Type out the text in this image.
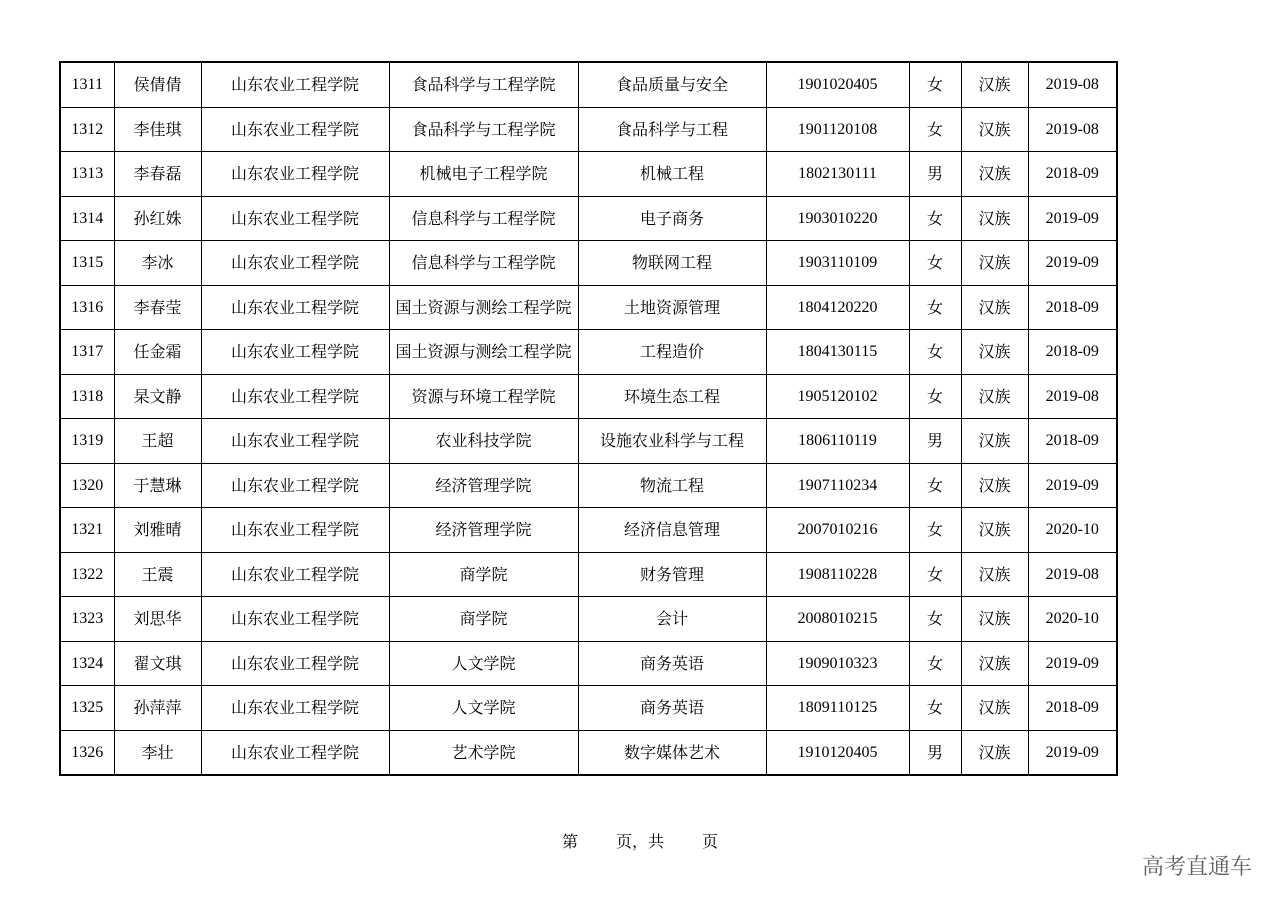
1311	侯倩倩	山东农业工程学院	食品科学与工程学院	食品质量与安全	1901020405	女	汉族	2019-08
1312	李佳琪	山东农业工程学院	食品科学与工程学院	食品科学与工程	1901120108	女	汉族	2019-08
1313	李春磊	山东农业工程学院	机械电子工程学院	机械工程	1802130111	男	汉族	2018-09
1314	孙红姝	山东农业工程学院	信息科学与工程学院	电子商务	1903010220	女	汉族	2019-09
1315	李冰	山东农业工程学院	信息科学与工程学院	物联网工程	1903110109	女	汉族	2019-09
1316	李春莹	山东农业工程学院	国土资源与测绘工程学院	土地资源管理	1804120220	女	汉族	2018-09
1317	任金霜	山东农业工程学院	国土资源与测绘工程学院	工程造价	1804130115	女	汉族	2018-09
1318	杲文静	山东农业工程学院	资源与环境工程学院	环境生态工程	1905120102	女	汉族	2019-08
1319	王超	山东农业工程学院	农业科技学院	设施农业科学与工程	1806110119	男	汉族	2018-09
1320	于慧琳	山东农业工程学院	经济管理学院	物流工程	1907110234	女	汉族	2019-09
1321	刘雅晴	山东农业工程学院	经济管理学院	经济信息管理	2007010216	女	汉族	2020-10
1322	王震	山东农业工程学院	商学院	财务管理	1908110228	女	汉族	2019-08
1323	刘思华	山东农业工程学院	商学院	会计	2008010215	女	汉族	2020-10
1324	翟文琪	山东农业工程学院	人文学院	商务英语	1909010323	女	汉族	2019-09
1325	孙萍萍	山东农业工程学院	人文学院	商务英语	1809110125	女	汉族	2018-09
1326	李壮	山东农业工程学院	艺术学院	数字媒体艺术	1910120405	男	汉族	2019-09
第 页，共 页
高考直通车
